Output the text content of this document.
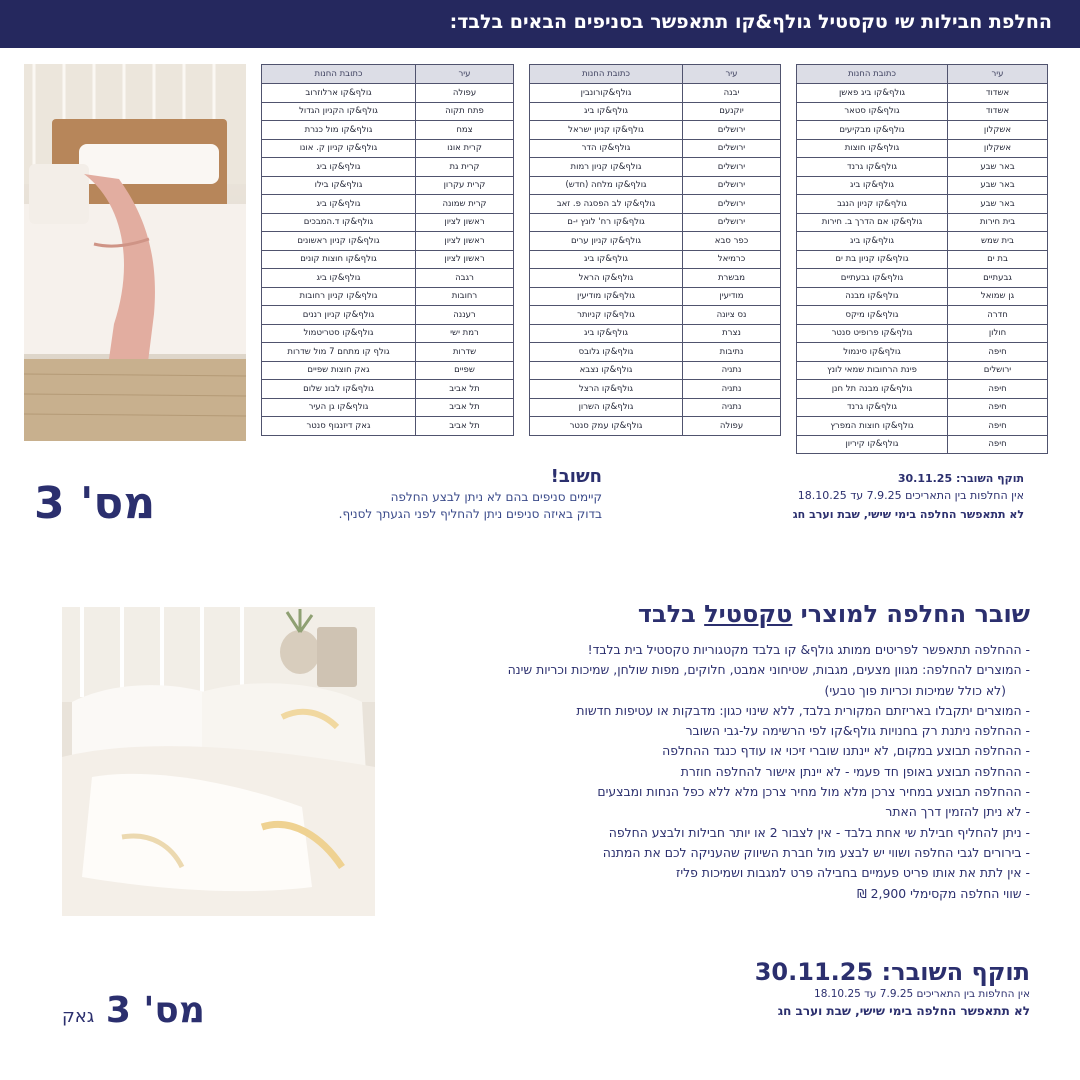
החלפת חבילות שי טקסטיל גולף&קו תתאפשר בסניפים הבאים בלבד:
עיר	כתובת החנות
עפולה	גולף&קו ארלוזרוב
פתח תקוה	גולף&קו הקניון הגדול
צמח	גולף&קו מול כנרת
קרית אונו	גולף&קו קניון ק. אונו
קרית גת	גולף&קו ביג
קרית עקרון	גולף&קו בילו
קרית שמונה	גולף&קו ביג
ראשון לציון	גולף&קו ד.המבכים
ראשון לציון	גולף&קו קניון ראשונים
ראשון לציון	גולף&קו חוצות קונים
רגבה	גולף&קו ביג
רחובות	גולף&קו קניון רחובות
רעננה	גולף&קו קניון רננים
רמת ישי	גולף&קו סטריטמול
שדרות	גולף קו מתחם 7 מול שדרות
שפיים	גאק חוצות שפיים
תל אביב	גולף&קו לבונ שלום
תל אביב	גולף&קו גן העיר
תל אביב	גאק דיזנגוף סנטר
עיר	כתובת החנות
יבנה	גולף&קורונבין
יוקנעם	גולף&קו ביג
ירושלים	גולף&קו קניון ישראל
ירושלים	גולף&קו הדר
ירושלים	גולף&קו קניון רמות
ירושלים	גולף&קו מלחה (חדש)
ירושלים	גולף&קו לב הפסגה פ. זאב
ירושלים	גולף&קו רח' לונץ י-ם
כפר סבא	גולף&קו קניון ערים
כרמיאל	גולף&קו ביג
מבשרת	גולף&קו הראל
מודיעין	גולף&קו מודיעין
נס ציונה	גולף&קו קניותר
נצרת	גולף&קו ביג
נתיבות	גולף&קו גלובס
נתניה	גולף&קו נצבא
נתניה	גולף&קו הרצל
נתניה	גולף&קו השרון
עפולה	גולף&קו עמק סנטר
עיר	כתובת החנות
אשדוד	גולף&קו ביג פאשן
אשדוד	גולף&קו סטאר
אשקלון	גולף&קו מבקיעים
אשקלון	גולף&קו חוצות
באר שבע	גולף&קו גרנד
באר שבע	גולף&קו ביג
באר שבע	גולף&קו קניון הנגב
בית חירות	גולף&קו אם הדרך ב. חירות
בית שמש	גולף&קו ביג
בת ים	גולף&קו קניון בת ים
גבעתיים	גולף&קו גבעתיים
גן שמואל	גולף&קו מבנה
חדרה	גולף&קו מיקס
חולון	גולף&קו פרופיט סנטר
חיפה	גולף&קו סינמול
ירושלים	פינת הרחובות שמאי לונץ
חיפה	גולף&קו מבנה תל חנן
חיפה	גולף&קו גרנד
חיפה	גולף&קו חוצות המפרץ
חיפה	גולף&קו קיריון
תוקף השובר: 30.11.25
אין החלפות בין התאריכים 7.9.25 עד 18.10.25
לא תתאפשר החלפה בימי שישי, שבת וערב חג
חשוב!
קיימים סניפים בהם לא ניתן לבצע החלפה
בדוק באיזה סניפים ניתן להחליף לפני הגעתך לסניף.
מס' 3
שובר החלפה למוצרי טקסטיל בלבד
- ההחלפה תתאפשר לפריטים ממותג גולף& קו בלבד מקטגוריות טקסטיל בית בלבד!
- המוצרים להחלפה: מגוון מצעים, מגבות, שטיחוני אמבט, חלוקים, מפות שולחן, שמיכות וכריות שינה
(לא כולל שמיכות וכריות פוך טבעי)
- המוצרים יתקבלו באריזתם המקורית בלבד, ללא שינוי כגון: מדבקות או עטיפות חדשות
- ההחלפה ניתנת רק בחנויות גולף&קו לפי הרשימה על-גבי השובר
- ההחלפה תבוצע במקום, לא יינתנו שוברי זיכוי או עודף כנגד ההחלפה
- ההחלפה תבוצע באופן חד פעמי - לא יינתן אישור להחלפה חוזרת
- ההחלפה תבוצע במחיר צרכן מלא מול מחיר צרכן מלא ללא כפל הנחות ומבצעים
- לא ניתן להזמין דרך האתר
- ניתן להחליף חבילת שי אחת בלבד - אין לצבור 2 או יותר חבילות ולבצע החלפה
- בירורים לגבי החלפה ושווי יש לבצע מול חברת השיווק שהעניקה לכם את המתנה
- אין לתת את אותו פריט פעמיים בחבילה פרט למגבות ושמיכות פליז
- שווי החלפה מקסימלי 2,900 ₪
תוקף השובר: 30.11.25
אין החלפות בין התאריכים 7.9.25 עד 18.10.25
לא תתאפשר החלפה בימי שישי, שבת וערב חג
מס' 3 גאק
